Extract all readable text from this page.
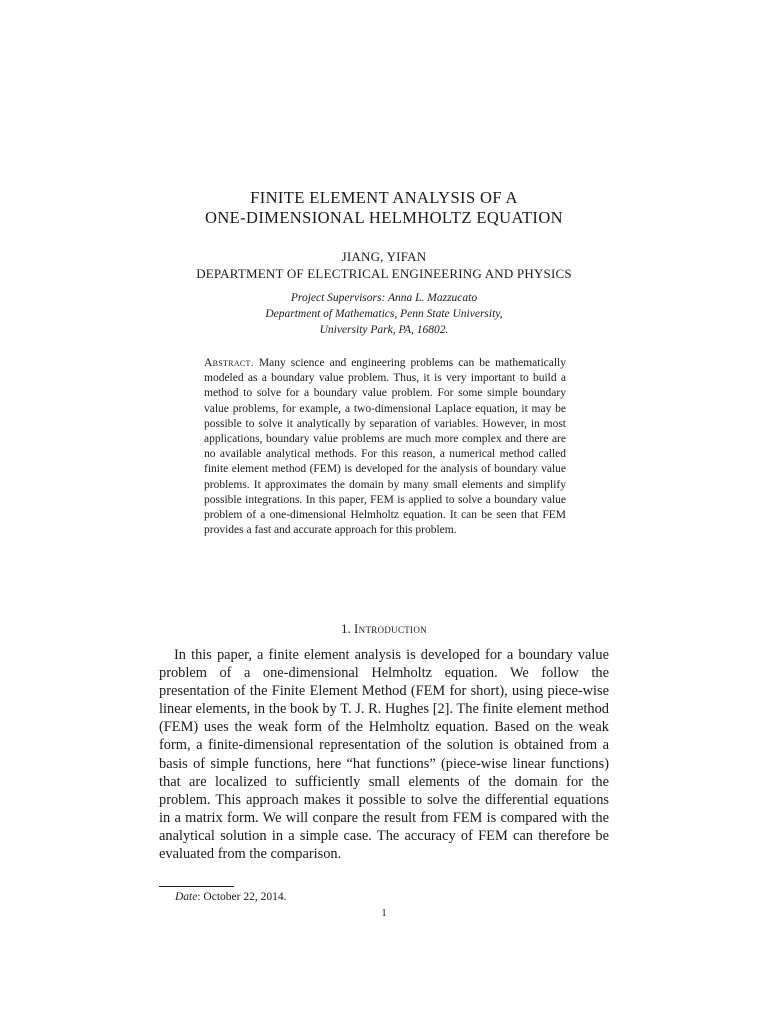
FINITE ELEMENT ANALYSIS OF A
ONE-DIMENSIONAL HELMHOLTZ EQUATION
JIANG, YIFAN
DEPARTMENT OF ELECTRICAL ENGINEERING AND PHYSICS
Project Supervisors: Anna L. Mazzucato
Department of Mathematics, Penn State University,
University Park, PA, 16802.
Abstract. Many science and engineering problems can be mathematically modeled as a boundary value problem. Thus, it is very important to build a method to solve for a boundary value problem. For some simple boundary value problems, for example, a two-dimensional Laplace equation, it may be possible to solve it analytically by separation of variables. However, in most applications, boundary value problems are much more complex and there are no available analytical methods. For this reason, a numerical method called finite element method (FEM) is developed for the analysis of boundary value problems. It approximates the domain by many small elements and simplify possible integrations. In this paper, FEM is applied to solve a boundary value problem of a one-dimensional Helmholtz equation. It can be seen that FEM provides a fast and accurate approach for this problem.
1. Introduction
In this paper, a finite element analysis is developed for a boundary value problem of a one-dimensional Helmholtz equation. We follow the presentation of the Finite Element Method (FEM for short), using piece-wise linear elements, in the book by T. J. R. Hughes [2]. The finite element method (FEM) uses the weak form of the Helmholtz equation. Based on the weak form, a finite-dimensional representation of the solution is obtained from a basis of simple functions, here “hat functions” (piece-wise linear functions) that are localized to sufficiently small elements of the domain for the problem. This approach makes it possible to solve the differential equations in a matrix form. We will conpare the result from FEM is compared with the analytical solution in a simple case. The accuracy of FEM can therefore be evaluated from the comparison.
Date: October 22, 2014.
1
